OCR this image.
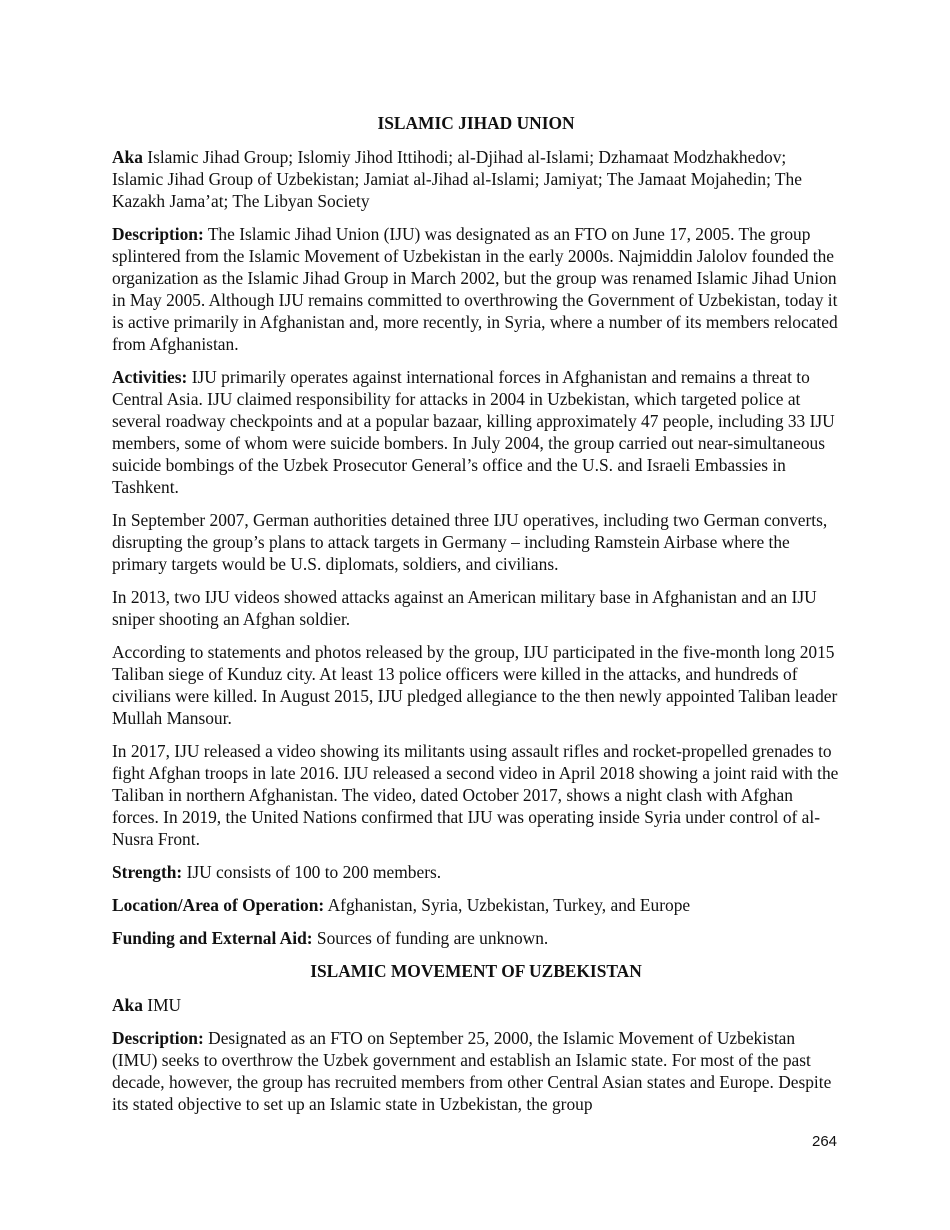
ISLAMIC JIHAD UNION

Aka Islamic Jihad Group; Islomiy Jihod Ittihodi; al-Djihad al-Islami; Dzhamaat Modzhakhedov; Islamic Jihad Group of Uzbekistan; Jamiat al-Jihad al-Islami; Jamiyat; The Jamaat Mojahedin; The Kazakh Jama’at; The Libyan Society

Description: The Islamic Jihad Union (IJU) was designated as an FTO on June 17, 2005. The group splintered from the Islamic Movement of Uzbekistan in the early 2000s. Najmiddin Jalolov founded the organization as the Islamic Jihad Group in March 2002, but the group was renamed Islamic Jihad Union in May 2005. Although IJU remains committed to overthrowing the Government of Uzbekistan, today it is active primarily in Afghanistan and, more recently, in Syria, where a number of its members relocated from Afghanistan.

Activities: IJU primarily operates against international forces in Afghanistan and remains a threat to Central Asia. IJU claimed responsibility for attacks in 2004 in Uzbekistan, which targeted police at several roadway checkpoints and at a popular bazaar, killing approximately 47 people, including 33 IJU members, some of whom were suicide bombers. In July 2004, the group carried out near-simultaneous suicide bombings of the Uzbek Prosecutor General’s office and the U.S. and Israeli Embassies in Tashkent.

In September 2007, German authorities detained three IJU operatives, including two German converts, disrupting the group’s plans to attack targets in Germany – including Ramstein Airbase where the primary targets would be U.S. diplomats, soldiers, and civilians.

In 2013, two IJU videos showed attacks against an American military base in Afghanistan and an IJU sniper shooting an Afghan soldier.

According to statements and photos released by the group, IJU participated in the five-month long 2015 Taliban siege of Kunduz city. At least 13 police officers were killed in the attacks, and hundreds of civilians were killed. In August 2015, IJU pledged allegiance to the then newly appointed Taliban leader Mullah Mansour.

In 2017, IJU released a video showing its militants using assault rifles and rocket-propelled grenades to fight Afghan troops in late 2016. IJU released a second video in April 2018 showing a joint raid with the Taliban in northern Afghanistan. The video, dated October 2017, shows a night clash with Afghan forces. In 2019, the United Nations confirmed that IJU was operating inside Syria under control of al-Nusra Front.

Strength: IJU consists of 100 to 200 members.

Location/Area of Operation: Afghanistan, Syria, Uzbekistan, Turkey, and Europe

Funding and External Aid: Sources of funding are unknown.

ISLAMIC MOVEMENT OF UZBEKISTAN

Aka IMU

Description: Designated as an FTO on September 25, 2000, the Islamic Movement of Uzbekistan (IMU) seeks to overthrow the Uzbek government and establish an Islamic state. For most of the past decade, however, the group has recruited members from other Central Asian states and Europe. Despite its stated objective to set up an Islamic state in Uzbekistan, the group

264
